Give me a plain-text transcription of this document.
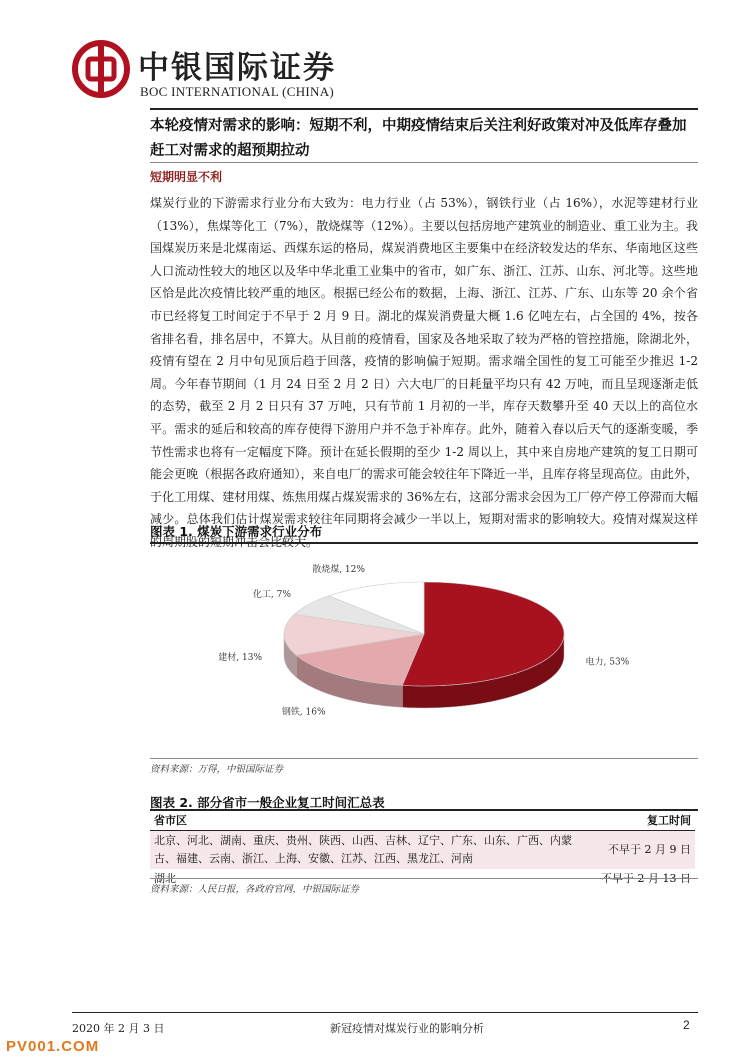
中银国际证券
BOC INTERNATIONAL (CHINA)
本轮疫情对需求的影响：短期不利，中期疫情结束后关注利好政策对冲及低库存叠加赶工对需求的超预期拉动
短期明显不利
煤炭行业的下游需求行业分布大致为：电力行业（占 53%），钢铁行业（占 16%），水泥等建材行业（13%），焦煤等化工（7%），散烧煤等（12%）。主要以包括房地产建筑业的制造业、重工业为主。我国煤炭历来是北煤南运、西煤东运的格局，煤炭消费地区主要集中在经济较发达的华东、华南地区这些人口流动性较大的地区以及华中华北重工业集中的省市，如广东、浙江、江苏、山东、河北等。这些地区恰是此次疫情比较严重的地区。根据已经公布的数据，上海、浙江、江苏、广东、山东等 20 余个省市已经将复工时间定于不早于 2 月 9 日。湖北的煤炭消费量大概 1.6 亿吨左右，占全国的 4%，按各省排名看，排名居中，不算大。从目前的疫情看，国家及各地采取了较为严格的管控措施，除湖北外，疫情有望在 2 月中旬见顶后趋于回落，疫情的影响偏于短期。需求端全国性的复工可能至少推迟 1-2 周。今年春节期间（1 月 24 日至 2 月 2 日）六大电厂的日耗量平均只有 42 万吨，而且呈现逐渐走低的态势，截至 2 月 2 日只有 37 万吨，只有节前 1 月初的一半，库存天数攀升至 40 天以上的高位水平。需求的延后和较高的库存使得下游用户并不急于补库存。此外，随着入春以后天气的逐渐变暖，季节性需求也将有一定幅度下降。预计在延长假期的至少 1-2 周以上，其中来自房地产建筑的复工日期可能会更晚（根据各政府通知），来自电厂的需求可能会较往年下降近一半，且库存将呈现高位。由此外，于化工用煤、建材用煤、炼焦用煤占煤炭需求的 36%左右，这部分需求会因为工厂停产停工停滞而大幅减少。总体我们估计煤炭需求较往年同期将会减少一半以上，短期对需求的影响较大。疫情对煤炭这样的周期股的短期冲击会比较大。
图表 1. 煤炭下游需求行业分布
电力, 53%
钢铁, 16%
建材, 13%
化工, 7%
散烧煤, 12%
资料来源：万得，中银国际证券
图表 2. 部分省市一般企业复工时间汇总表
省市区	复工时间
北京、河北、湖南、重庆、贵州、陕西、山西、吉林、辽宁、广东、山东、广西、内蒙古、福建、云南、浙江、上海、安徽、江苏、江西、黑龙江、河南	不早于 2 月 9 日
湖北	不早于 2 月 13 日
资料来源：人民日报，各政府官网，中银国际证券
2020 年 2 月 3 日	新冠疫情对煤炭行业的影响分析	2
PV001.COM
